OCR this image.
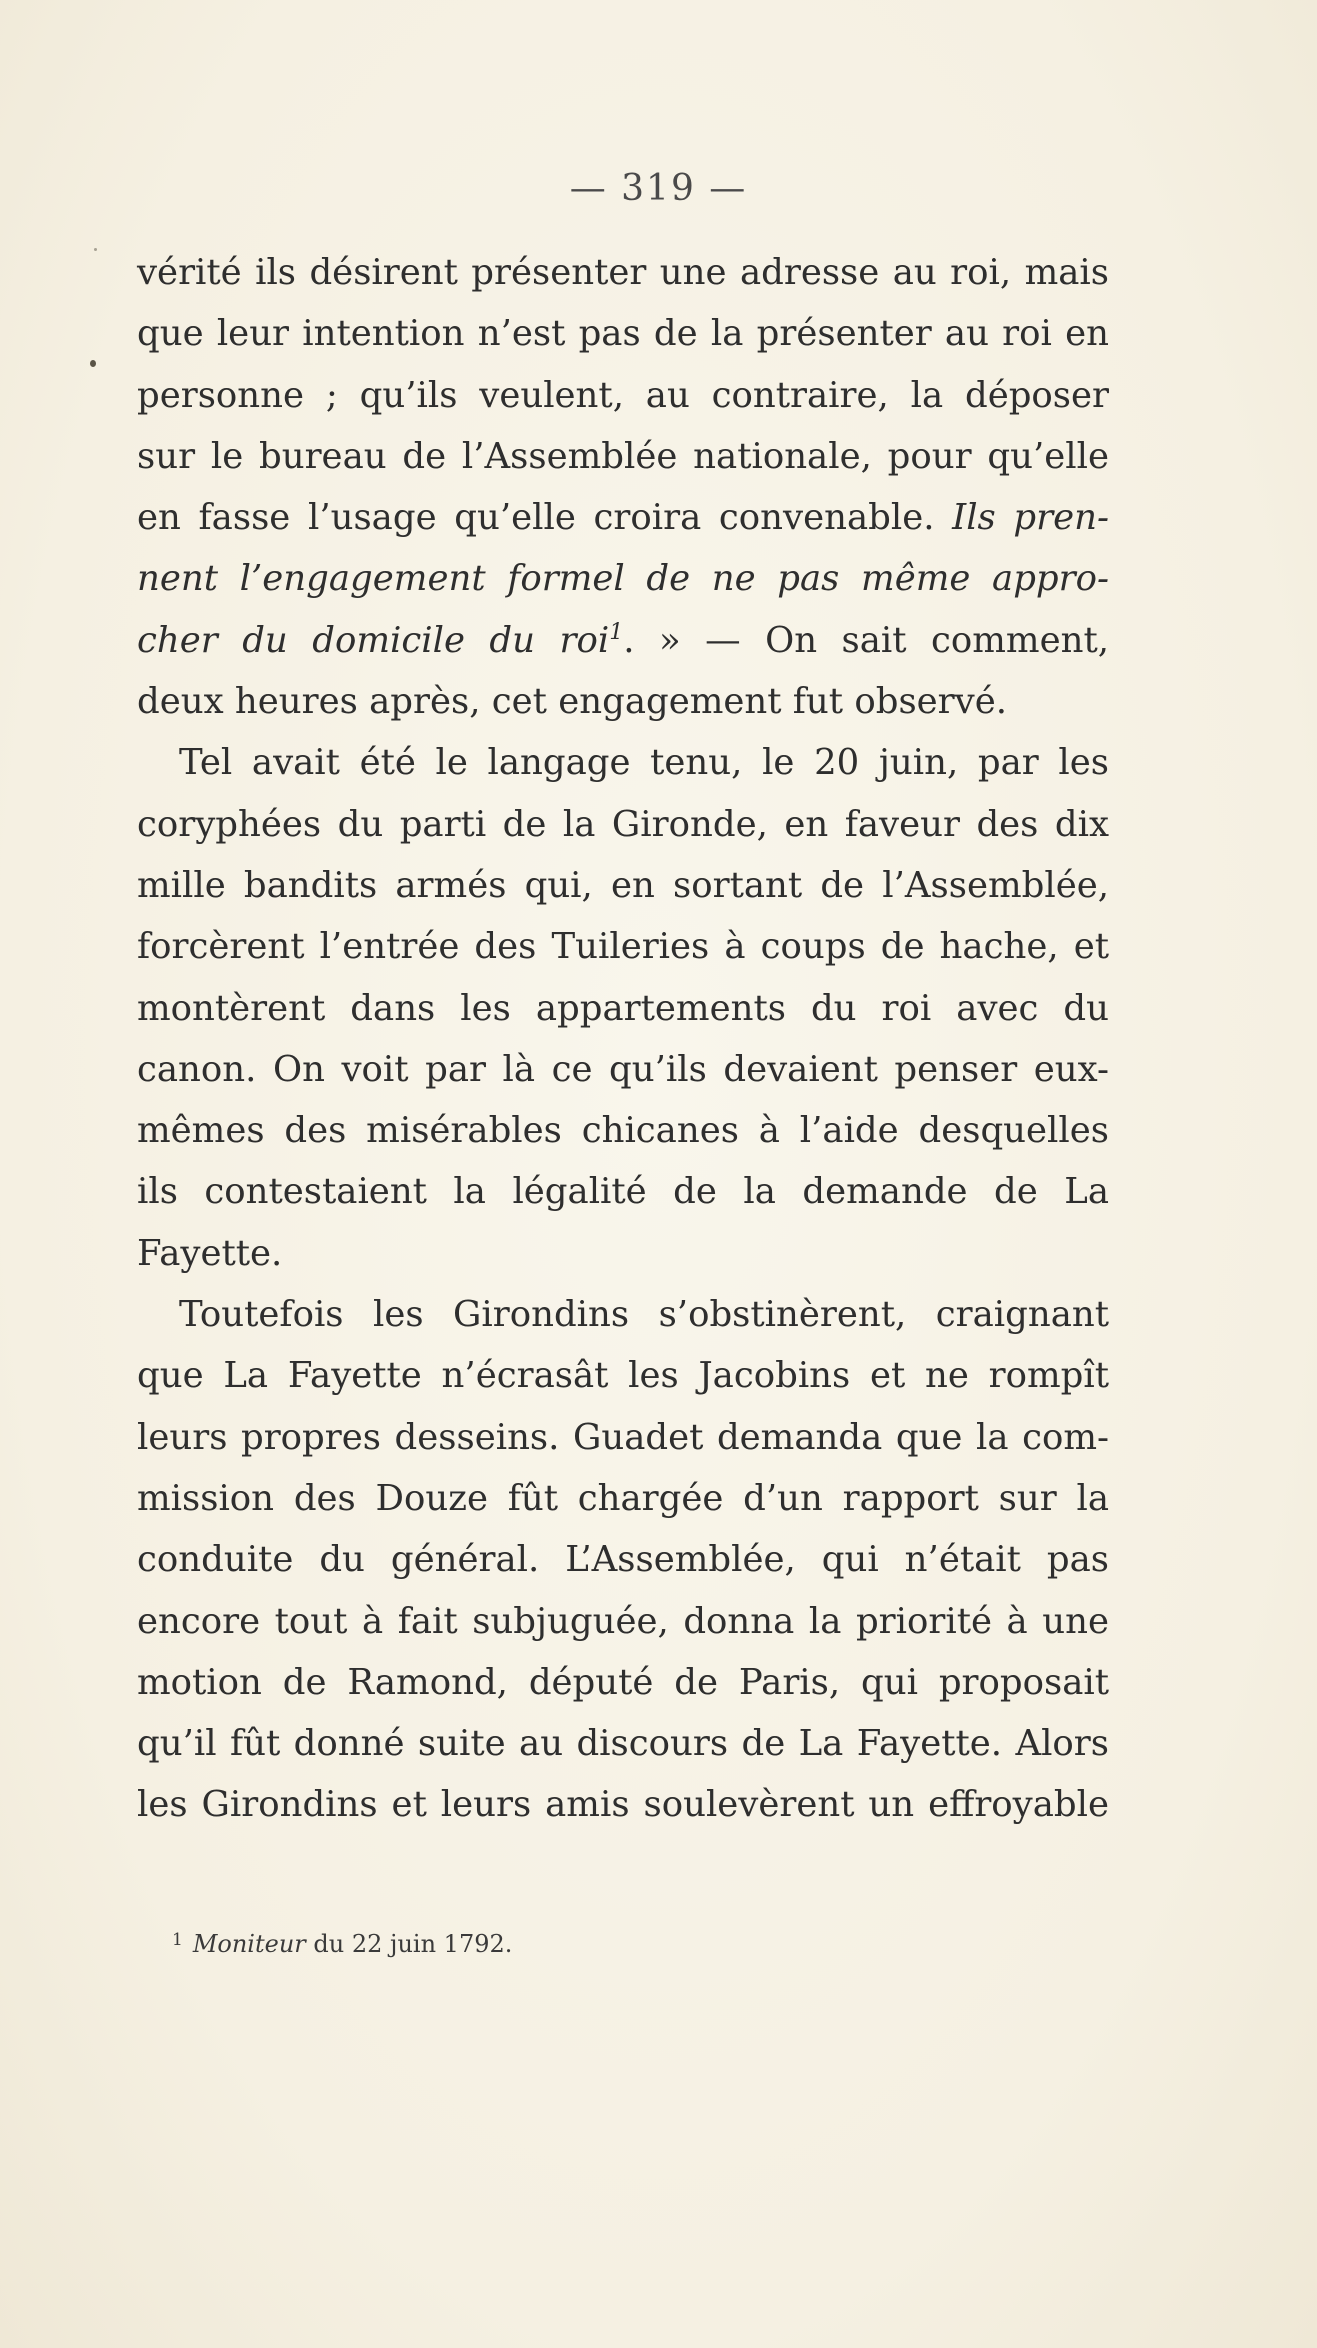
— 319 —
vérité ils désirent présenter une adresse au roi, mais
que leur intention n’est pas de la présenter au roi en
personne ; qu’ils veulent, au contraire, la déposer
sur le bureau de l’Assemblée nationale, pour qu’elle
en fasse l’usage qu’elle croira convenable. Ils pren-
nent l’engagement formel de ne pas même appro-
cher du domicile du roi$^1$. » — On sait comment,
deux heures après, cet engagement fut observé.
Tel avait été le langage tenu, le 20 juin, par les
coryphées du parti de la Gironde, en faveur des dix
mille bandits armés qui, en sortant de l’Assemblée,
forcèrent l’entrée des Tuileries à coups de hache, et
montèrent dans les appartements du roi avec du
canon. On voit par là ce qu’ils devaient penser eux-
mêmes des misérables chicanes à l’aide desquelles
ils contestaient la légalité de la demande de La
Fayette.
Toutefois les Girondins s’obstinèrent, craignant
que La Fayette n’écrasât les Jacobins et ne rompît
leurs propres desseins. Guadet demanda que la com-
mission des Douze fût chargée d’un rapport sur la
conduite du général. L’Assemblée, qui n’était pas
encore tout à fait subjuguée, donna la priorité à une
motion de Ramond, député de Paris, qui proposait
qu’il fût donné suite au discours de La Fayette. Alors
les Girondins et leurs amis soulevèrent un effroyable
$^1$ Moniteur du 22 juin 1792.
